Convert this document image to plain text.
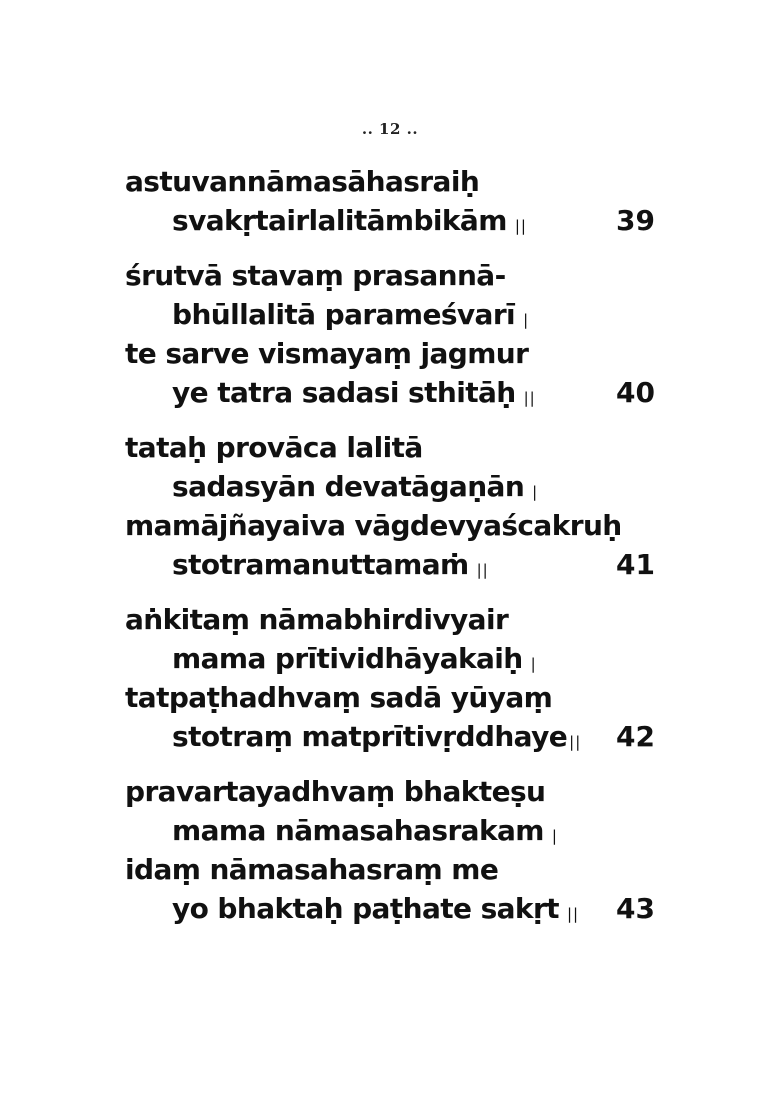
.. 12 ..
astuvannāmasāhasraiḥ
svakṛtairlalitāmbikām ||	39
śrutvā stavaṃ prasannā-
bhūllalitā parameśvarī |
te sarve vismayaṃ jagmur
ye tatra sadasi sthitāḥ ||	40
tataḥ provāca lalitā
sadasyān devatāgaṇān |
mamājñayaiva vāgdevyaścakruḥ
stotramanuttamaṁ ||	41
aṅkitaṃ nāmabhirdivyair
mama prītividhāyakaiḥ |
tatpaṭhadhvaṃ sadā yūyaṃ
stotraṃ matprītivṛddhaye || 42
pravartayadhvaṃ bhakteṣu
mama nāmasahasrakam |
idaṃ nāmasahasraṃ me
yo bhaktaḥ paṭhate sakṛt || 43
